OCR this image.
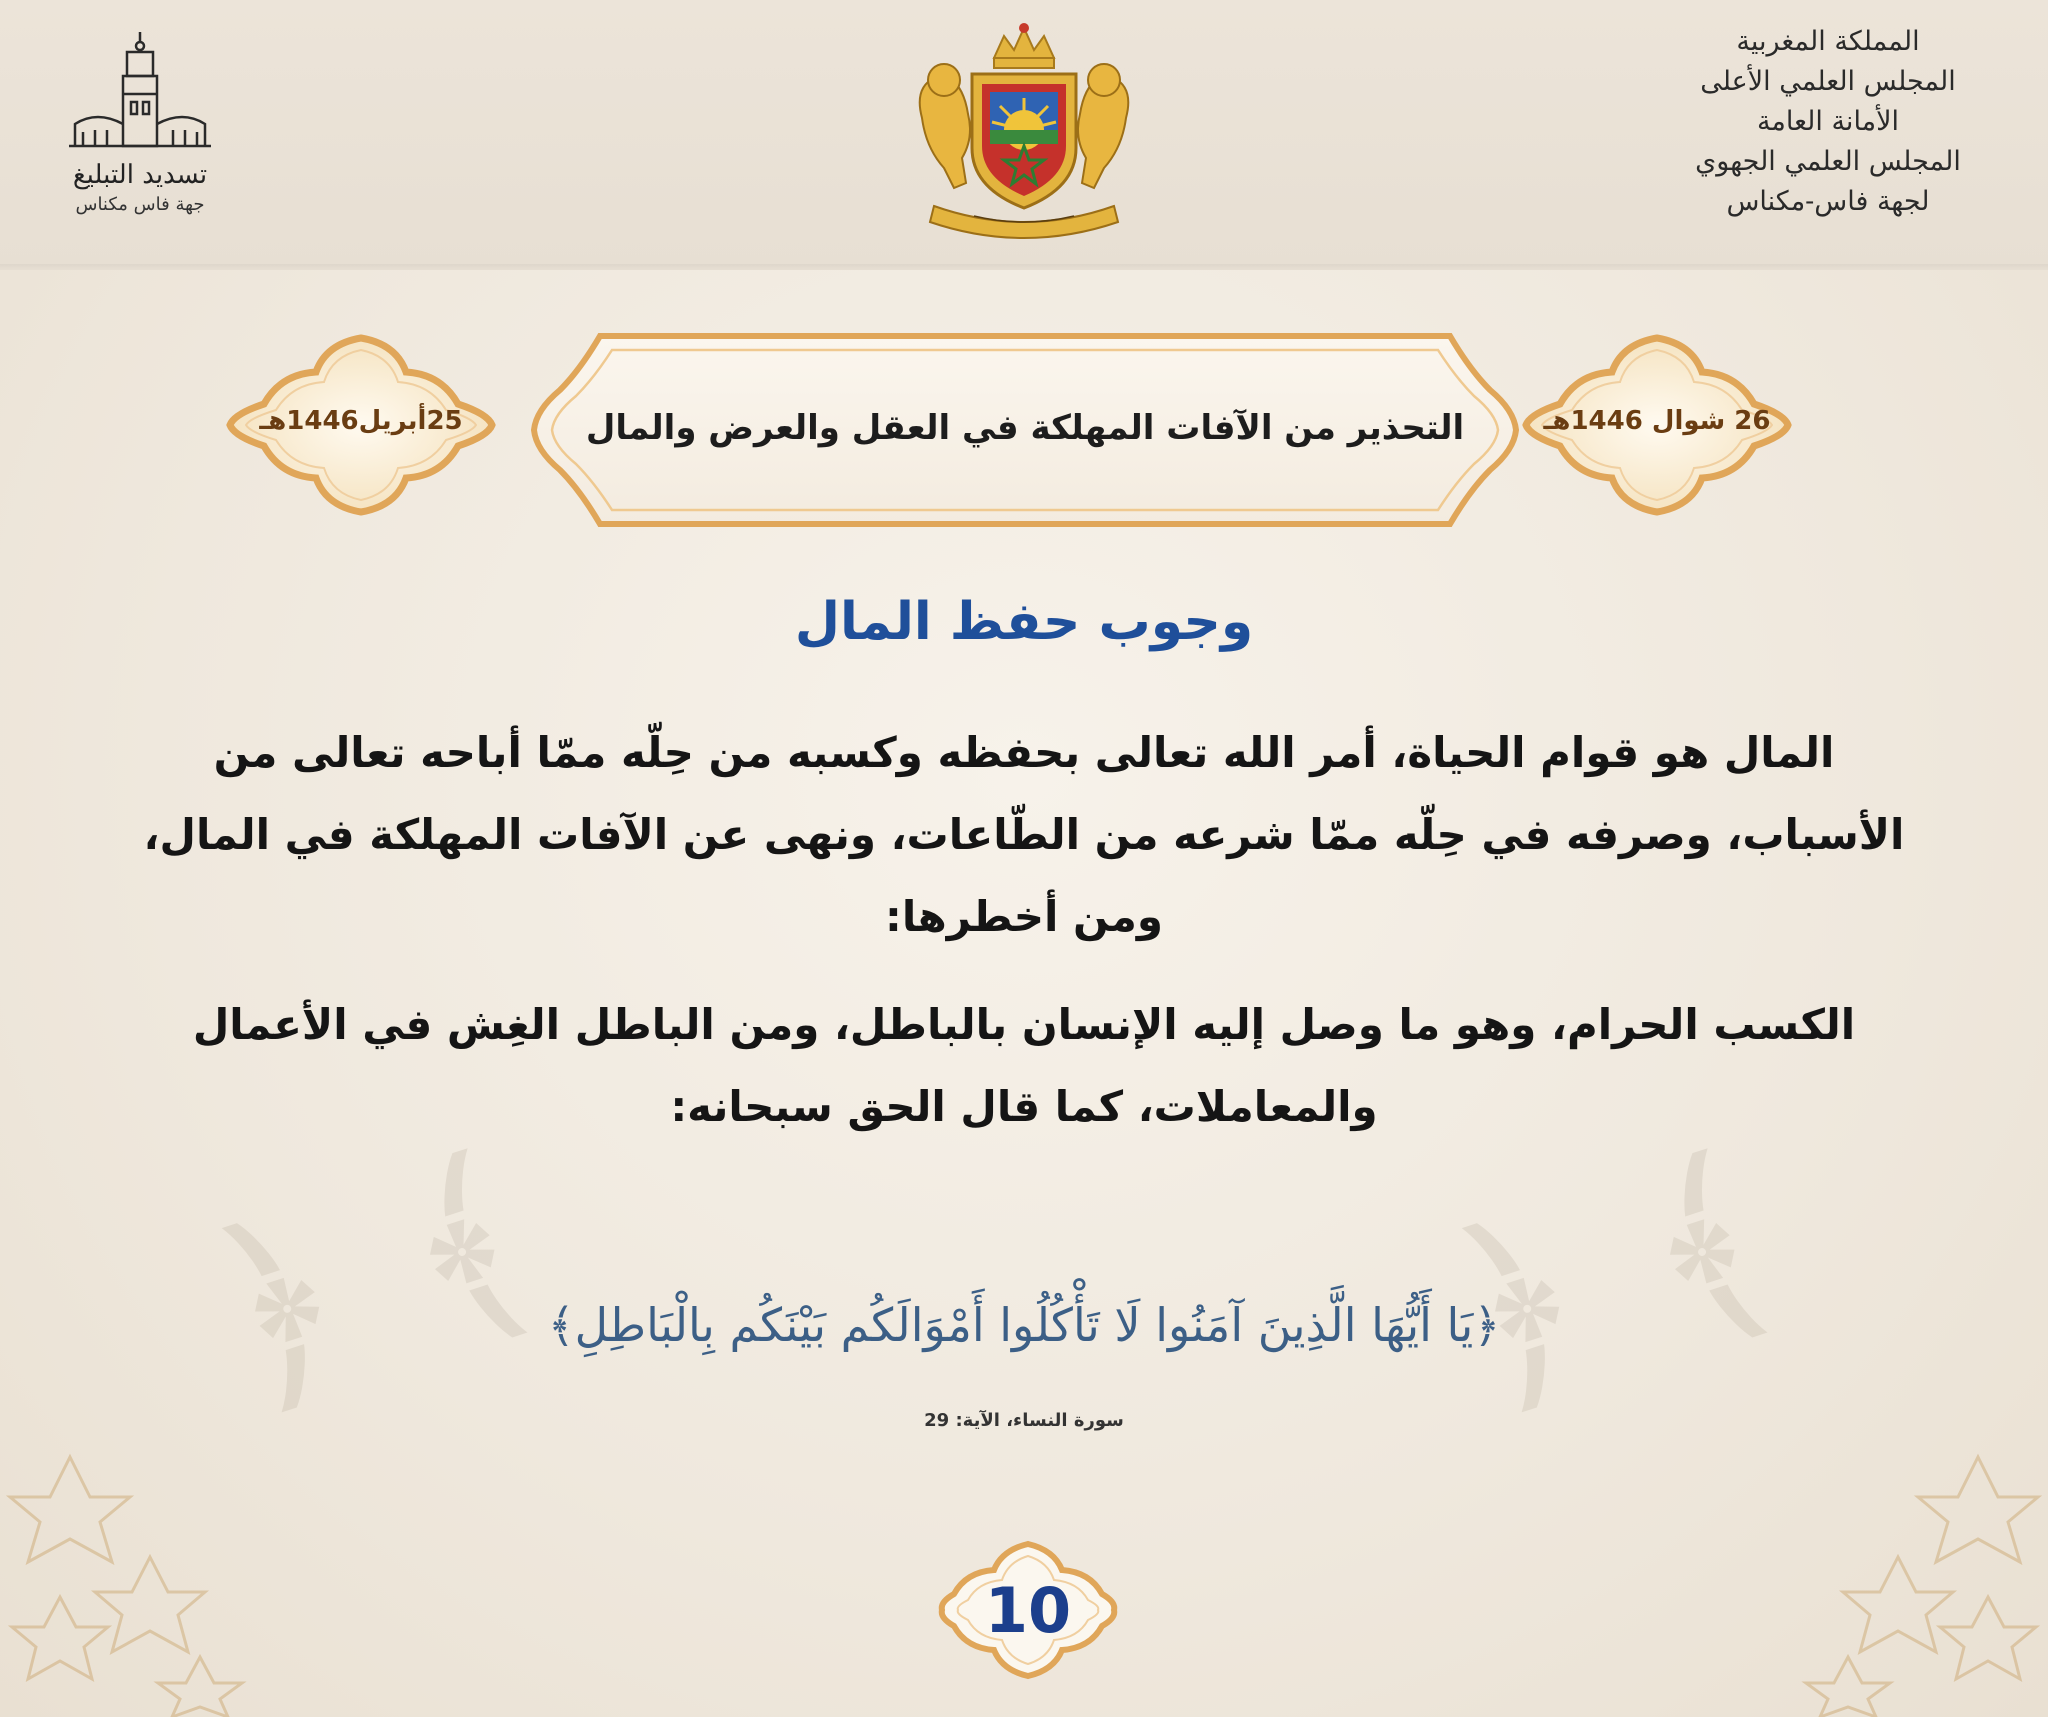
﴿ ﴾	﴿ ﴾
تسديد التبليغ
جهة فاس مكناس
المملكة المغربية
المجلس العلمي الأعلى
الأمانة العامة
المجلس العلمي الجهوي
لجهة فاس-مكناس
26 شوال 1446هـ
25أبريل1446هـ	التحذير من الآفات المهلكة في العقل والعرض والمال
وجوب حفظ المال

المال هو قوام الحياة، أمر الله تعالى بحفظه وكسبه من حِلّه ممّا أباحه تعالى من الأسباب، وصرفه في حِلّه ممّا شرعه من الطّاعات، ونهى عن الآفات المهلكة في المال، ومن أخطرها:

الكسب الحرام، وهو ما وصل إليه الإنسان بالباطل، ومن الباطل الغِش في الأعمال والمعاملات، كما قال الحق سبحانه:

﴿يَا أَيُّهَا الَّذِينَ آمَنُوا لَا تَأْكُلُوا أَمْوَالَكُم بَيْنَكُم بِالْبَاطِلِ﴾
سورة النساء، الآية: 29
10
